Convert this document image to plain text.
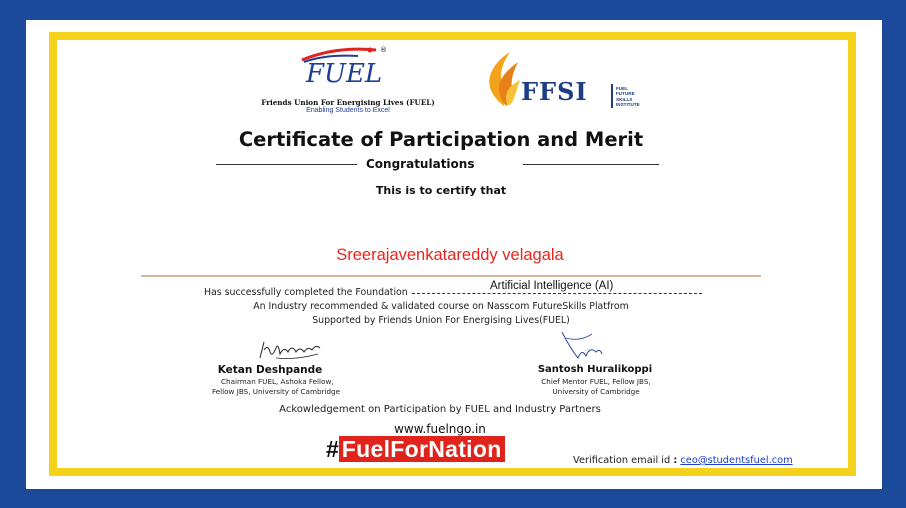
®
FUEL
Friends Union For Energising Lives (FUEL)
Enabling Students to Excel
FFSI	FUEL
FUTURE
SKILLS
INSTITUTE
Certificate of Participation and Merit
Congratulations
This is to certify that
Sreerajavenkatareddy velagala
Artificial Intelligence (AI)
Has successfully completed the Foundation
An Industry recommended & validated course on Nasscom FutureSkills Platfrom
Supported by Friends Union For Energising Lives(FUEL)
Ketan Deshpande
Chairman FUEL, Ashoka Fellow,
Fellow JBS, University of Cambridge
Santosh Huralikoppi
Chief Mentor FUEL, Fellow JBS,
University of Cambridge
Ackowledgement on Participation by FUEL and Industry Partners
www.fuelngo.in
# FuelForNation	Verification email id : ceo@studentsfuel.com
